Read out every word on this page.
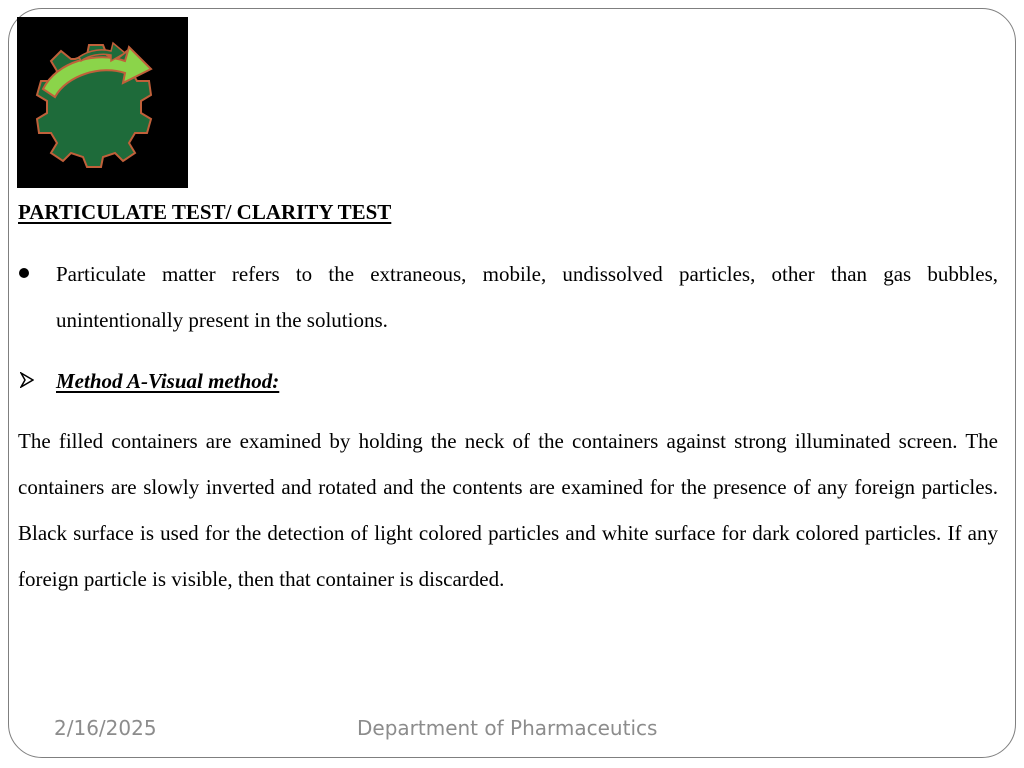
PARTICULATE TEST/ CLARITY TEST
Particulate matter refers to the extraneous, mobile, undissolved particles, other than gas bubbles, unintentionally present in the solutions.
Method A-Visual method:
The filled containers are examined by holding the neck of the containers against strong illuminated screen. The containers are slowly inverted and rotated and the contents are examined for the presence of any foreign particles. Black surface is used for the detection of light colored particles and white surface for dark colored particles. If any foreign particle is visible, then that container is discarded.
2/16/2025	Department of Pharmaceutics
